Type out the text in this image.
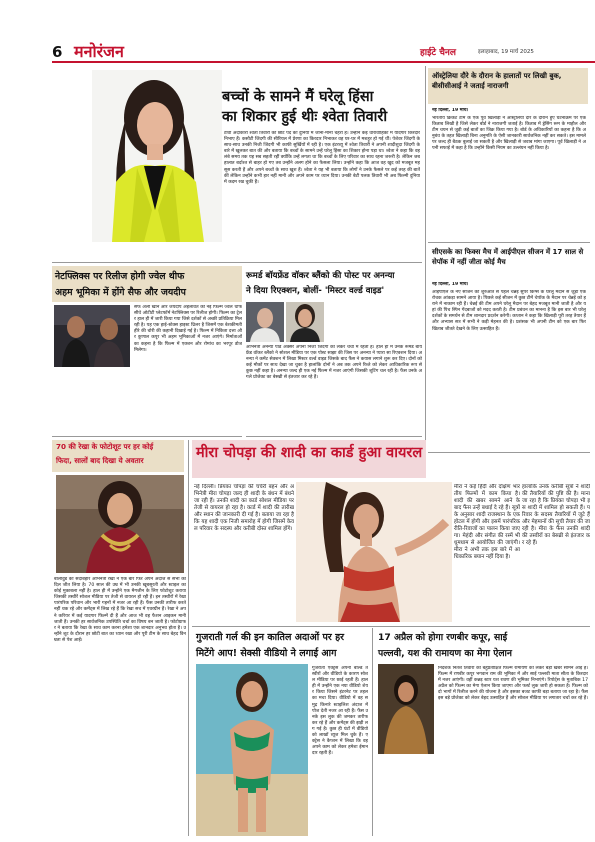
6 मनोरंजन	हाईटे चैनल	इलाहाबाद, 19 मार्च 2025
बच्चों के सामने मैं घरेलू हिंसा
का शिकार हुई थीः श्वेता तिवारी
टीवी अदाकारा श्वेता तिवारी को छोटे पर्दे की दुनिया में जाना-माना चेहरा हैं। उन्होंने कई धारावाहिकों में यादगार किरदार निभाए हैं। कसौटी जिंदगी की सीरियल में प्रेरणा का किरदार निभाकर वह घर-घर में मशहूर हो गई थीं। पेशेवर जिंदगी के साथ-साथ उनकी निजी जिंदगी भी काफी सुर्खियों में रही है। एक इंटरव्यू में श्वेता तिवारी ने अपनी शादीशुदा जिंदगी के बारे में खुलकर बात की और बताया कि बच्चों के सामने उन्हें घरेलू हिंसा का शिकार होना पड़ा था। श्वेता ने कहा कि वह लंबे समय तक यह सब सहती रहीं क्योंकि उन्हें लगता था कि बच्चों के लिए परिवार का साथ रहना जरूरी है। लेकिन जब हालात बर्दाश्त से बाहर हो गए तब उन्होंने अलग होने का फैसला लिया। उन्होंने कहा कि आज वह खुद को मजबूत महसूस करती हैं और अपने बच्चों के साथ खुश हैं। श्वेता ने यह भी बताया कि लोगों ने उनके फैसले पर कई तरह की बातें कीं लेकिन उन्होंने कभी हार नहीं मानी और अपने काम पर ध्यान दिया। उनकी बेटी पलक तिवारी भी अब फिल्मी दुनिया में कदम रख चुकी हैं।
ऑस्ट्रेलिया दौरे के दौरान के हालातों पर लिखी बुक, बीसीसीआई ने जताई नाराजगी
नई दिल्ली, 19 मार्च।
भारतीय क्रिकेट टीम के एक पूर्व खिलाड़ी ने ऑस्ट्रेलिया दौरे के दौरान हुए घटनाक्रम पर एक किताब लिखी है जिसे लेकर बोर्ड ने नाराजगी जताई है। किताब में ड्रेसिंग रूम के माहौल और टीम चयन से जुड़ी कई बातों का जिक्र किया गया है। बोर्ड के अधिकारियों का कहना है कि अनुबंध के तहत खिलाड़ी बिना अनुमति के ऐसी जानकारी सार्वजनिक नहीं कर सकते। इस मामले पर जल्द ही बैठक बुलाई जा सकती है और खिलाड़ी से जवाब मांगा जाएगा। पूर्व खिलाड़ी ने अपनी सफाई में कहा है कि उन्होंने किसी नियम का उल्लंघन नहीं किया है।
सीएसके का फिक्स मैच में आईपीएल सीजन में 17 साल से सेपॉक में नहीं जीता कोई मैच
नई दिल्ली, 19 मार्च।
आईपीएल के नए सीजन की शुरुआत से पहले चेन्नई सुपर किंग्स के घरेलू मैदान से जुड़ा एक रोचक आंकड़ा सामने आया है। पिछले कई सीजन में कुछ टीमें चेपॉक के मैदान पर चेन्नई को हराने में नाकाम रही हैं। चेन्नई की टीम अपने घरेलू मैदान पर बेहद मजबूत मानी जाती है और यहां की पिच स्पिन गेंदबाजों को मदद करती है। टीम प्रबंधन का मानना है कि इस बार भी घरेलू दर्शकों के समर्थन से टीम शानदार प्रदर्शन करेगी। कप्तान ने कहा कि खिलाड़ी पूरी तरह तैयार हैं और अभ्यास सत्र में सभी ने कड़ी मेहनत की है। प्रशंसक भी अपनी टीम को एक बार फिर खिताब जीतते देखने के लिए उत्साहित हैं।
नेटफ्लिक्स पर रिलीज होगी ज्वेल थीफ
अहम भूमिका में होंगे सैफ और जयदीप
सैफ अली खान और जयदीप अहलावत की नई फिल्म ज्वेल थीफ सीधे ओटीटी प्लेटफॉर्म नेटफ्लिक्स पर रिलीज होगी। फिल्म का ट्रेलर हाल ही में जारी किया गया जिसे दर्शकों से अच्छी प्रतिक्रिया मिल रही है। यह एक हाई-स्टेक्स हाइस्ट थ्रिलर है जिसमें एक बेशकीमती हीरे की चोरी की कहानी दिखाई गई है। फिल्म में निकिता दत्ता और कुणाल कपूर भी अहम भूमिकाओं में नजर आएंगे। निर्माताओं का कहना है कि फिल्म में एक्शन और रोमांच का भरपूर डोज मिलेगा।
रूमर्ड बॉयफ्रेंड वॉकर ब्लैंको की पोस्ट पर अनन्या
ने दिया रिएक्शन, बोलीं- 'मिस्टर वर्ल्ड वाइड'
अभिनेत्री अनन्या पांडे अक्सर अपनी निजी जिंदगी को लेकर चर्चा में रहती हैं। हाल ही में उनके रूमर्ड बॉयफ्रेंड वॉकर ब्लैंको ने सोशल मीडिया पर एक पोस्ट साझा की जिस पर अनन्या ने प्यारा सा रिएक्शन दिया। अनन्या ने कमेंट सेक्शन में लिखा मिस्टर वर्ल्ड वाइड जिसके बाद फैंस ने कयास लगाने शुरू कर दिए। दोनों को कई मौकों पर साथ देखा जा चुका है हालांकि दोनों ने अब तक अपने रिश्ते को लेकर आधिकारिक रूप से कुछ नहीं कहा है। अनन्या जल्द ही एक नई फिल्म में नजर आएंगी जिसकी शूटिंग चल रही है। फैंस उनके अगले प्रोजेक्ट का बेसब्री से इंतजार कर रहे हैं।
70 की रेखा के फोटोशूट पर हर कोई
फिदा, सालों बाद दिखा ये अवतार
बॉलीवुड की सदाबहार अभिनेत्री रेखा ने एक बार फिर अपने अंदाज से सभी का दिल जीत लिया है। 70 साल की उम्र में भी उनकी खूबसूरती और स्टाइल का कोई मुकाबला नहीं है। हाल ही में उन्होंने एक मैगजीन के लिए फोटोशूट कराया जिसकी तस्वीरें सोशल मीडिया पर तेजी से वायरल हो रही हैं। इन तस्वीरों में रेखा पारंपरिक परिधान और भारी गहनों में नजर आ रही हैं। फैंस उनकी तारीफ करते नहीं थक रहे और कमेंट्स में लिख रहे हैं कि रेखा सच में एवरग्रीन हैं। रेखा ने अपने करियर में कई यादगार फिल्में दी हैं और आज भी वह फैशन आइकन मानी जाती हैं। उनकी हर सार्वजनिक उपस्थिति चर्चा का विषय बन जाती है। फोटोग्राफर ने बताया कि रेखा के साथ काम करना हमेशा एक शानदार अनुभव होता है। उन्होंने शूट के दौरान हर छोटी बात का ध्यान रखा और पूरी टीम के साथ बेहद विनम्रता से पेश आईं।
मीरा चोपड़ा की शादी का कार्ड हुआ वायरल
नई दिल्ली। प्रियंका चोपड़ा की चचेरी बहन और अभिनेत्री मीरा चोपड़ा जल्द ही शादी के बंधन में बंधने जा रही हैं। उनकी शादी का कार्ड सोशल मीडिया पर तेजी से वायरल हो रहा है। कार्ड में शादी की तारीख और स्थान की जानकारी दी गई है। बताया जा रहा है कि यह शादी एक निजी समारोह में होगी जिसमें केवल परिवार के सदस्य और करीबी दोस्त शामिल होंगे।
मीरा ने कई हिंदी और दक्षिण भारतीय फिल्मों में काम किया है। शादी की खबर सामने आने के बाद फैंस उन्हें बधाई दे रहे हैं। सूत्रों के अनुसार शादी राजस्थान के एक होटल में होगी और इसमें पारंपरिक रीति-रिवाजों का पालन किया जाएगा। मेहंदी और संगीत की रस्में भी धूमधाम से आयोजित की जाएंगी। मीरा ने अभी तक इस बारे में आधिकारिक बयान नहीं दिया है।
हालांकि उनके करीबी सूत्रों ने शादी की तैयारियों की पुष्टि की है। माना जा रहा है कि प्रियंका चोपड़ा भी इस शादी में शामिल हो सकती हैं। परिवार के सदस्य तैयारियों में जुटे हैं और मेहमानों की सूची तैयार की जा रही है। मीरा के फैंस उनकी शादी की तस्वीरों का बेसब्री से इंतजार कर रहे हैं।
गुजराती गर्ल की इन कातिल अदाओं पर हर
मिटेंगे आप! सेक्सी वीडियो ने लगाई आग
गुजराती एक्ट्रेस अपनी बोल्ड तस्वीरों और वीडियो के कारण सोशल मीडिया पर छाई रहती हैं। हाल ही में उन्होंने एक नया वीडियो शेयर किया जिसने इंटरनेट पर तहलका मचा दिया। वीडियो में वह समुद्र किनारे स्टाइलिश अंदाज में पोज देती नजर आ रही हैं। फैंस उनके इस लुक की जमकर तारीफ कर रहे हैं और कमेंट्स की झड़ी लग गई है। कुछ ही घंटों में वीडियो को लाखों व्यूज मिल चुके हैं। एक्ट्रेस ने कैप्शन में लिखा कि वह अपने काम को लेकर हमेशा ईमानदार रहती हैं।
17 अप्रैल को होगा रणबीर कपूर, साई
पल्लवी, यश की रामायण का मेगा ऐलान
निर्देशक नितेश तिवारी की बहुप्रतीक्षित फिल्म रामायण को लेकर बड़ी खबर सामने आई है। फिल्म में रणबीर कपूर भगवान राम की भूमिका में और साई पल्लवी माता सीता के किरदार में नजर आएंगी। वहीं कन्नड़ स्टार यश रावण की भूमिका निभाएंगे। रिपोर्ट्स के मुताबिक 17 अप्रैल को फिल्म का मेगा ऐलान किया जाएगा और फर्स्ट लुक जारी हो सकता है। फिल्म को दो भागों में रिलीज करने की योजना है और इसका बजट काफी बड़ा बताया जा रहा है। फैंस इस बड़े प्रोजेक्ट को लेकर बेहद उत्साहित हैं और सोशल मीडिया पर लगातार चर्चा कर रहे हैं।
